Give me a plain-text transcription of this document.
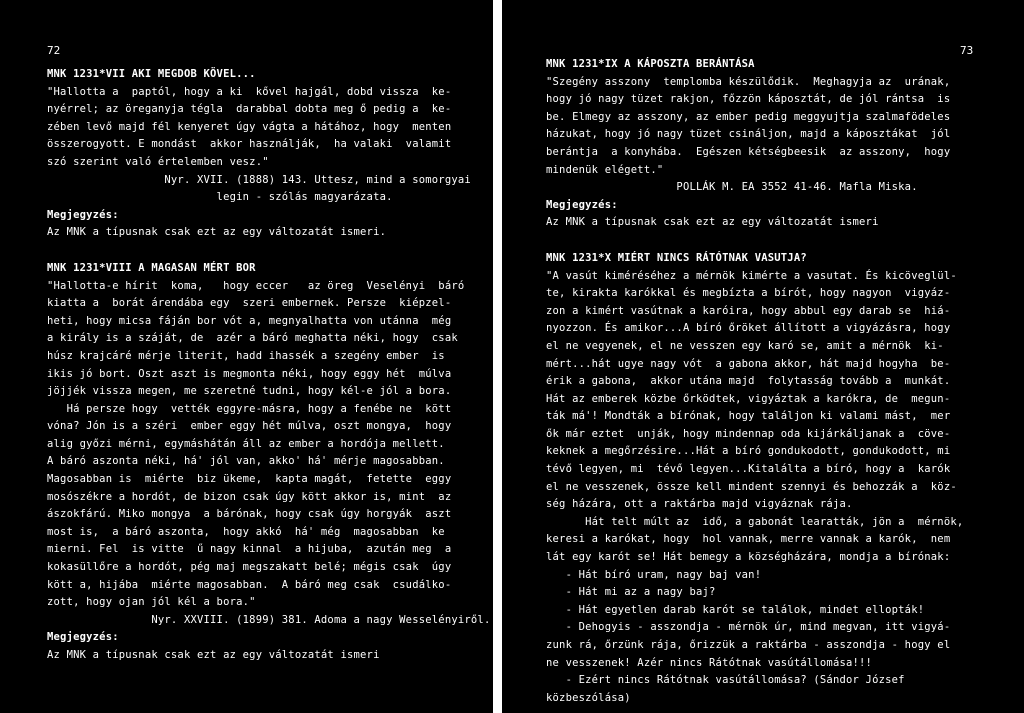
72
MNK 1231*VII AKI MEGDOB KÖVEL...
"Hallotta a  paptól, hogy a ki  kővel hajgál, dobd vissza  ke-
nyérrel; az öreganyja tégla  darabbal dobta meg ő pedig a  ke-
zében levő majd fél kenyeret úgy vágta a hátához, hogy  menten
összerogyott. E mondást  akkor használják,  ha valaki  valamit
szó szerint való értelemben vesz."
Nyr. XVII. (1888) 143. Uttesz, mind a somorgyai
legin - szólás magyarázata.
Megjegyzés:
Az MNK a típusnak csak ezt az egy változatát ismeri.
MNK 1231*VIII A MAGASAN MÉRT BOR
"Hallotta-e hírit  koma,   hogy eccer   az öreg  Veselényi  báró
kiatta a  borát árendába egy  szeri embernek. Persze  kiépzel-
heti, hogy micsa fáján bor vót a, megnyalhatta von utánna  még
a király is a száját, de  azér a báró meghatta néki, hogy  csak
húsz krajcáré mérje literit, hadd ihassék a szegény ember  is
ikis jó bort. Oszt aszt is megmonta néki, hogy eggy hét  múlva
jöjjék vissza megen, me szeretné tudni, hogy kél-e jól a bora.
Há persze hogy  vették eggyre-másra, hogy a fenébe ne  kött
vóna? Jón is a széri  ember eggy hét múlva, oszt mongya,  hogy
alig győzi mérni, egymáshátán áll az ember a hordója mellett.
A báró aszonta néki, há' jól van, akko' há' mérje magosabban.
Magosabban is  miérte  biz ükeme,  kapta magát,  fetette  eggy
mosószékre a hordót, de bizon csak úgy kött akkor is, mint  az
ászokfárú. Miko mongya  a bárónak, hogy csak úgy horgyák  aszt
most is,  a báró aszonta,  hogy akkó  há' még  magosabban  ke
mierni. Fel  is vitte  ű nagy kinnal  a hijuba,  azután meg  a
kokasüllőre a hordót, pég maj megszakatt belé; mégis csak  úgy
kött a, hijába  miérte magosabban.  A báró meg csak  csudálko-
zott, hogy ojan jól kél a bora."
Nyr. XXVIII. (1899) 381. Adoma a nagy Wesselényiről.
Megjegyzés:
Az MNK a típusnak csak ezt az egy változatát ismeri
73
MNK 1231*IX A KÁPOSZTA BERÁNTÁSA
"Szegény asszony  templomba készülődik.  Meghagyja az  urának,
hogy jó nagy tüzet rakjon, főzzön káposztát, de jól rántsa  is
be. Elmegy az asszony, az ember pedig meggyujtja szalmafödeles
házukat, hogy jó nagy tüzet csináljon, majd a káposztákat  jól
berántja  a konyhába.  Egészen kétségbeesik  az asszony,  hogy
mindenük elégett."
POLLÁK M. EA 3552 41-46. Mafla Miska.
Megjegyzés:
Az MNK a típusnak csak ezt az egy változatát ismeri
MNK 1231*X MIÉRT NINCS RÁTÓTNAK VASUTJA?
"A vasút kiméréséhez a mérnök kimérte a vasutat. És kicöveglül-
te, kirakta karókkal és megbízta a bírót, hogy nagyon  vigyáz-
zon a kimért vasútnak a karóira, hogy abbul egy darab se  hiá-
nyozzon. És amikor...A bíró őröket állított a vigyázásra, hogy
el ne vegyenek, el ne vesszen egy karó se, amit a mérnök  ki-
mért...hát ugye nagy vót  a gabona akkor, hát majd hogyha  be-
érik a gabona,  akkor utána majd  folytasság tovább a  munkát.
Hát az emberek közbe őrködtek, vigyáztak a karókra, de  megun-
ták má'! Mondták a bírónak, hogy találjon ki valami mást,  mer
ők már eztet  unják, hogy mindennap oda kijárkáljanak a  cöve-
keknek a megőrzésire...Hát a bíró gondukodott, gondukodott, mi
tévő legyen, mi  tévő legyen...Kitalálta a bíró, hogy a  karók
el ne vesszenek, össze kell mindent szennyi és behozzák a  köz-
ség házára, ott a raktárba majd vigyáznak rája.
Hát telt múlt az  idő, a gabonát learatták, jön a  mérnök,
keresi a karókat, hogy  hol vannak, merre vannak a karók,  nem
lát egy karót se! Hát bemegy a községházára, mondja a bírónak:
- Hát bíró uram, nagy baj van!
- Hát mi az a nagy baj?
- Hát egyetlen darab karót se találok, mindet ellopták!
- Dehogyis - asszondja - mérnök úr, mind megvan, itt vigyá-
zunk rá, őrzünk rája, őrizzük a raktárba - asszondja - hogy el
ne vesszenek! Azér nincs Rátótnak vasútállomása!!!
- Ezért nincs Rátótnak vasútállomása? (Sándor József
közbeszólása)
